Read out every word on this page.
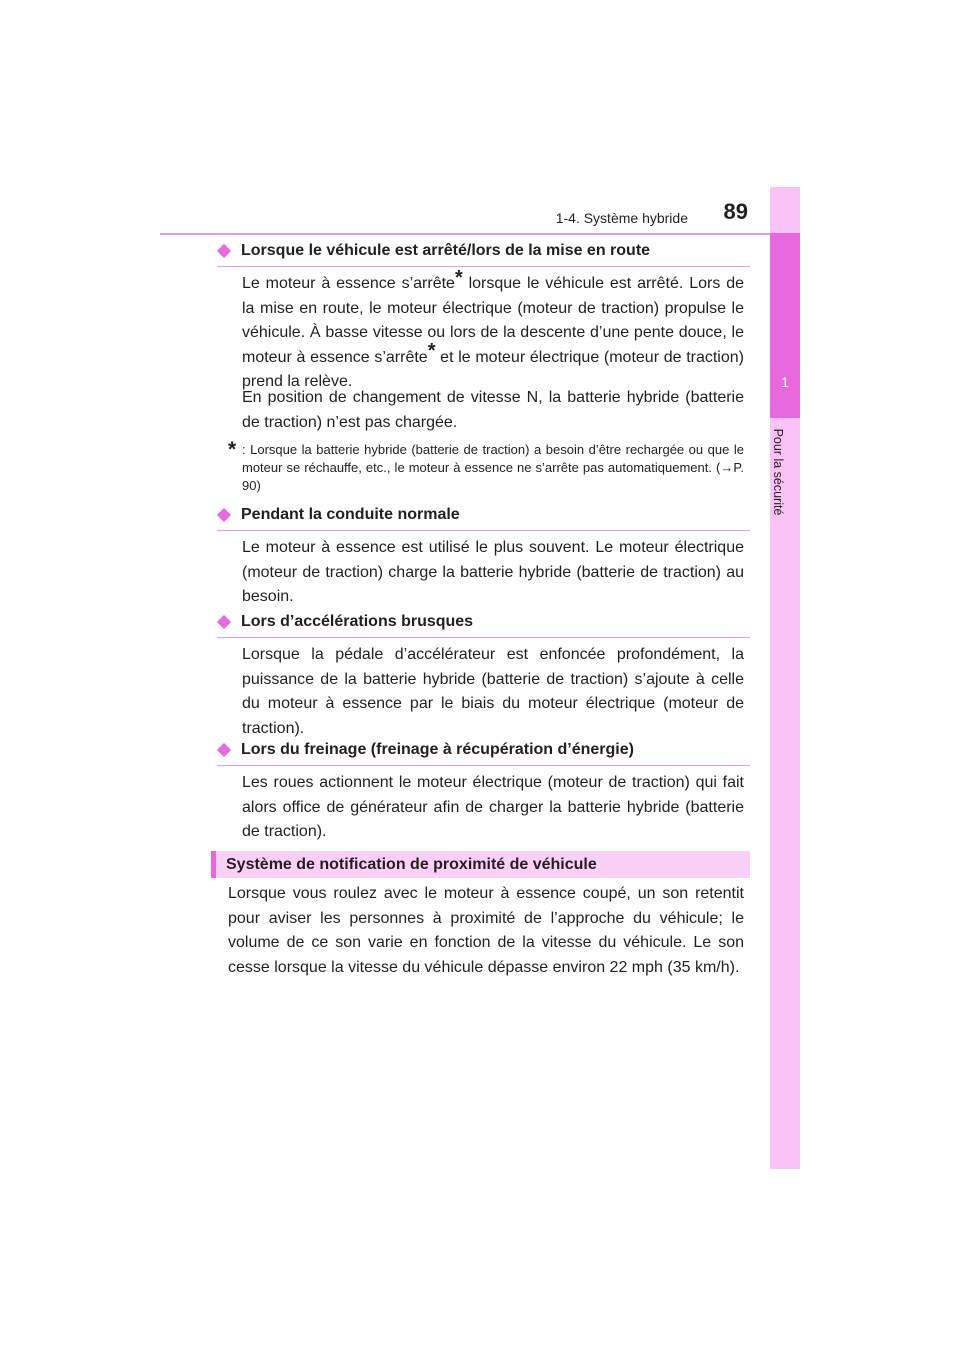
1-4. Système hybride	89
1
Pour la sécurité
Lorsque le véhicule est arrêté/lors de la mise en route
Le moteur à essence s’arrête* lorsque le véhicule est arrêté. Lors de la mise en route, le moteur électrique (moteur de traction) propulse le véhicule. À basse vitesse ou lors de la descente d’une pente douce, le moteur à essence s’arrête* et le moteur électrique (moteur de traction) prend la relève.
En position de changement de vitesse N, la batterie hybride (batterie de traction) n’est pas chargée.
* : Lorsque la batterie hybride (batterie de traction) a besoin d’être rechargée ou que le moteur se réchauffe, etc., le moteur à essence ne s’arrête pas automatiquement. (→P. 90)
Pendant la conduite normale
Le moteur à essence est utilisé le plus souvent. Le moteur électrique (moteur de traction) charge la batterie hybride (batterie de traction) au besoin.
Lors d’accélérations brusques
Lorsque la pédale d’accélérateur est enfoncée profondément, la puissance de la batterie hybride (batterie de traction) s’ajoute à celle du moteur à essence par le biais du moteur électrique (moteur de traction).
Lors du freinage (freinage à récupération d’énergie)
Les roues actionnent le moteur électrique (moteur de traction) qui fait alors office de générateur afin de charger la batterie hybride (batterie de traction).
Système de notification de proximité de véhicule
Lorsque vous roulez avec le moteur à essence coupé, un son retentit pour aviser les personnes à proximité de l’approche du véhicule; le volume de ce son varie en fonction de la vitesse du véhicule. Le son cesse lorsque la vitesse du véhicule dépasse environ 22 mph (35 km/h).
